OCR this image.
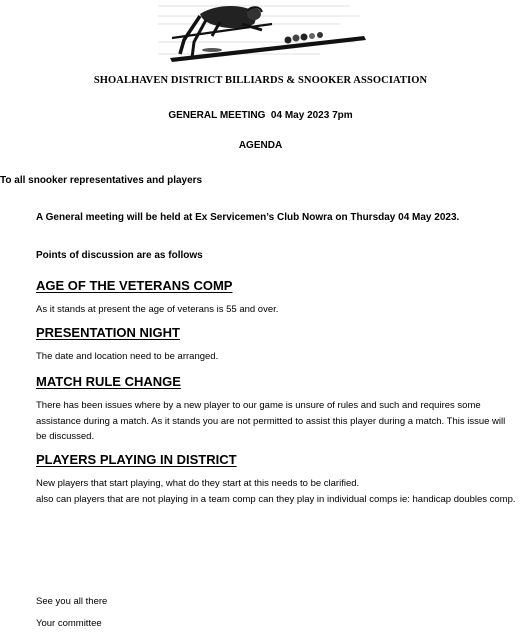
SHOALHAVEN DISTRICT BILLIARDS & SNOOKER ASSOCIATION
GENERAL MEETING  04 May 2023 7pm
AGENDA
To all snooker representatives and players
A General meeting will be held at Ex Servicemen’s Club Nowra on Thursday 04 May 2023.
Points of discussion are as follows
AGE OF THE VETERANS COMP
As it stands at present the age of veterans is 55 and over.
PRESENTATION NIGHT
The date and location need to be arranged.
MATCH RULE CHANGE
There has been issues where by a new player to our game is unsure of rules and such and requires some assistance during a match. As it stands you are not permitted to assist this player during a match. This issue will be discussed.
PLAYERS PLAYING IN DISTRICT
New players that start playing, what do they start at this needs to be clarified.
also can players that are not playing in a team comp can they play in individual comps ie: handicap doubles comp.
See you all there
Your committee
